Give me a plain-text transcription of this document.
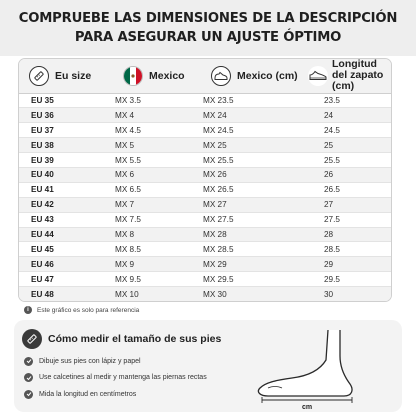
COMPRUEBE LAS DIMENSIONES DE LA DESCRIPCIÓN
PARA ASEGURAR UN AJUSTE ÓPTIMO
Eu size	Mexico	Mexico (cm)	Longitud del zapato (cm)

EU 35	MX 3.5	MX 23.5	23.5
EU 36	MX 4	MX 24	24
EU 37	MX 4.5	MX 24.5	24.5
EU 38	MX 5	MX 25	25
EU 39	MX 5.5	MX 25.5	25.5
EU 40	MX 6	MX 26	26
EU 41	MX 6.5	MX 26.5	26.5
EU 42	MX 7	MX 27	27
EU 43	MX 7.5	MX 27.5	27.5
EU 44	MX 8	MX 28	28
EU 45	MX 8.5	MX 28.5	28.5
EU 46	MX 9	MX 29	29
EU 47	MX 9.5	MX 29.5	29.5
EU 48	MX 10	MX 30	30
i	Este gráfico es solo para referencia
Cómo medir el tamaño de sus pies
Dibuje sus pies con lápiz y papel
Use calcetines al medir y mantenga las piernas rectas
Mida la longitud en centímetros
cm
